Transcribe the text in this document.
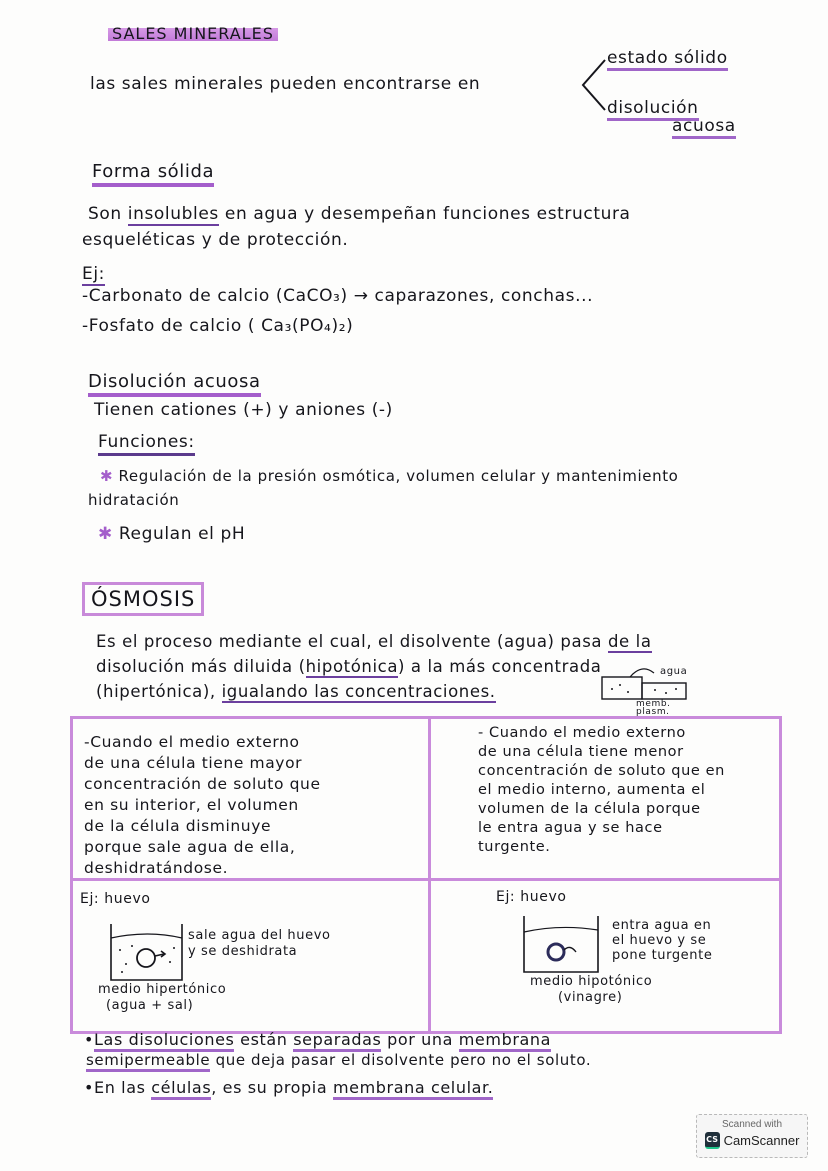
SALES MINERALES
las sales minerales pueden encontrarse en
estado sólido
disolución
acuosa
Forma sólida
Son insolubles en agua y desempeñan funciones estructura
esqueléticas y de protección.
Ej:
-Carbonato de calcio (CaCO₃) → caparazones, conchas...
-Fosfato de calcio ( Ca₃(PO₄)₂)
Disolución acuosa
Tienen cationes (+) y aniones (-)
Funciones:
✱ Regulación de la presión osmótica, volumen celular y mantenimiento
hidratación
✱ Regulan el pH
ÓSMOSIS
Es el proceso mediante el cual, el disolvente (agua) pasa de la
disolución más diluida (hipotónica) a la más concentrada
(hipertónica), igualando las concentraciones.
agua
memb.
plasm.
-Cuando el medio externo
de una célula tiene mayor
concentración de soluto que
en su interior, el volumen
de la célula disminuye
porque sale agua de ella,
deshidratándose.
- Cuando el medio externo
de una célula tiene menor
concentración de soluto que en
el medio interno, aumenta el
volumen de la célula porque
le entra agua y se hace
turgente.
Ej: huevo
sale agua del huevo
y se deshidrata
medio hipertónico
(agua + sal)
Ej: huevo
entra agua en
el huevo y se
pone turgente
medio hipotónico
(vinagre)
•Las disoluciones están separadas por una membrana
semipermeable que deja pasar el disolvente pero no el soluto.
•En las células, es su propia membrana celular.
Scanned with
CS CamScanner
